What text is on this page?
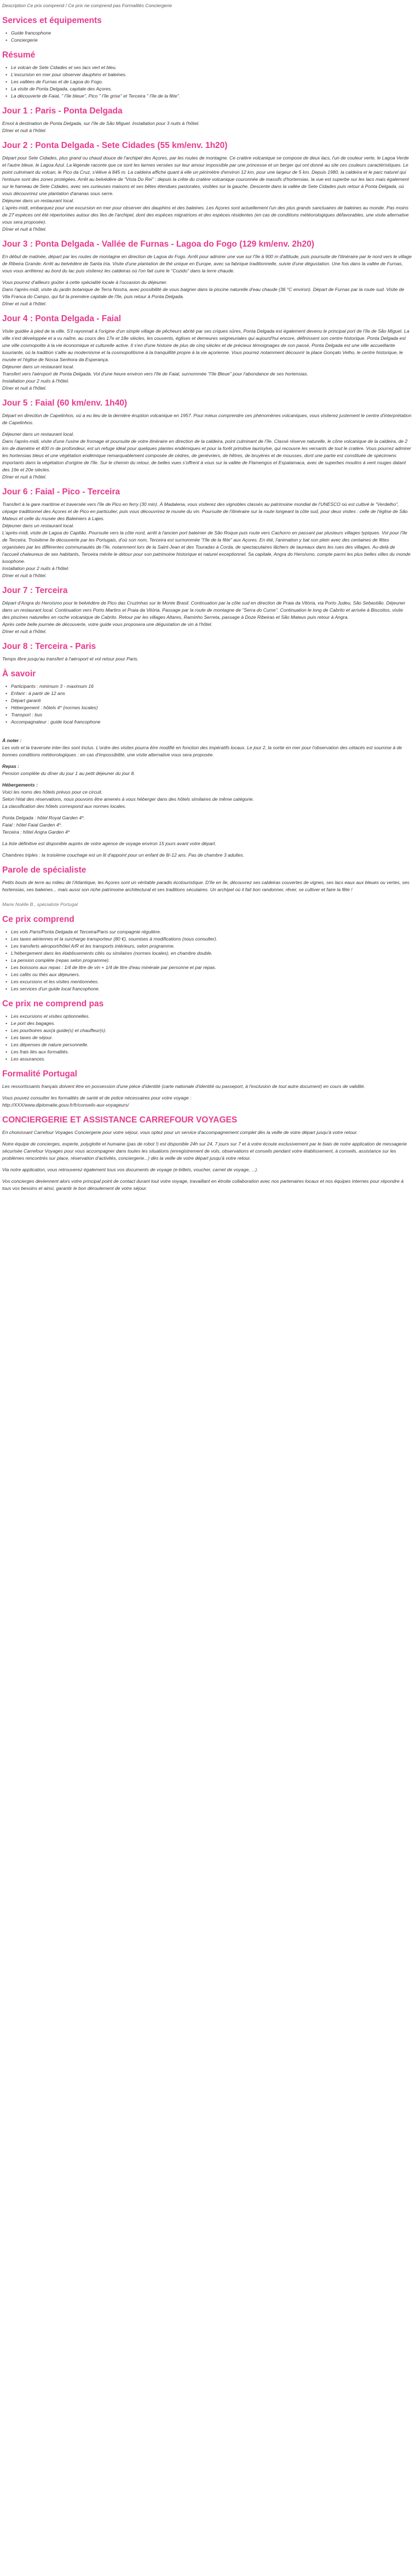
Description Ce prix comprend / Ce prix ne comprend pas Formalités Conciergerie
Services et équipements
• Guide francophone
• Conciergerie
Résumé
• Le volcan de Sete Cidades et ses lacs vert et bleu.
• L'excursion en mer pour observer dauphins et baleines.
• Les vallées de Furnas et de Lagoa do Fogo.
• La visite de Ponta Delgada, capitale des Açores.
• La découverte de Faial, " l'île bleue", Pico " l'île grise" et Terceira " l'île de la fête".
Jour 1 : Paris - Ponta Delgada

Envol à destination de Ponta Delgada, sur l'île de São Miguel. Installation pour 3 nuits à l'hôtel.
Dîner et nuit à l'hôtel.

Jour 2 : Ponta Delgada - Sete Cidades (55 km/env. 1h20)

Départ pour Sete Cidades, plus grand ou chaud douce de l'archipel des Açores, par les routes de montagne. Ce cratère volcanique se compose de deux lacs, l'un de couleur verte, le Lagoa Verde et l'autre bleue, le Lagoa Azul. La légende raconte que ce sont les larmes versées sur leur amour impossible par une princesse et un berger qui ont donné au site ces couleurs caractéristiques. Le point culminant du volcan, le Pico da Cruz, s'élève à 845 m. La caldeira affiche quant à elle un périmètre d'environ 12 km, pour une largeur de 5 km. Depuis 1980, la caldeira et le parc naturel qui l'entoure sont des zones protégées. Arrêt au belvédère de "Vista Do Rei" : depuis la crête du cratère volcanique couronnée de massifs d'hortensias, la vue est superbe sur les lacs mais également sur le hameau de Sete Cidades, avec ses curieuses maisons et ses bêtes étendues pastorales, visibles sur la gauche. Descente dans la vallée de Sete Cidades puis retour à Ponta Delgada, où vous découvrirez une plantation d'ananas sous serre.
Déjeuner dans un restaurant local.
L'après-midi, embarquez pour une excursion en mer pour observer des dauphins et des baleines. Les Açores sont actuellement l'un des plus grands sanctuaires de baleines au monde. Pas moins de 27 espèces ont été répertoriées autour des îles de l'archipel, dont des espèces migratrices et des espèces résidentes (en cas de conditions météorologiques défavorables, une visite alternative vous sera proposée).
Dîner et nuit à l'hôtel.

Jour 3 : Ponta Delgada - Vallée de Furnas - Lagoa do Fogo (129 km/env. 2h20)

En début de matinée, départ par les routes de montagne en direction de Lagoa do Fogo. Arrêt pour admirer une vue sur l'île à 900 m d'altitude, puis poursuite de l'itinéraire par le nord vers le village de Ribeira Grande. Arrêt au belvédère de Santa Iria. Visite d'une plantation de thé unique en Europe, avec sa fabrique traditionnelle, suivie d'une dégustation. Une fois dans la vallée de Furnas, vous vous arrêterez au bord du lac puis visiterez les caldeiras où l'on fait cuire le "Cozido" dans la terre chaude.

Vous pourrez d'ailleurs goûter à cette spécialité locale à l'occasion du déjeuner.
Dans l'après-midi, visite du jardin botanique de Terra Nostra, avec possibilité de vous baigner dans la piscine naturelle d'eau chaude (36 °C environ). Départ de Furnas par la route sud. Visite de Vila Franca do Campo, qui fut la première capitale de l'île, puis retour à Ponta Delgada.
Dîner et nuit à l'hôtel.

Jour 4 : Ponta Delgada - Faial

Visite guidée à pied de la ville. S'il rayonnait à l'origine d'un simple village de pêcheurs abrité par ses criques sûres, Ponta Delgada est également devenu le principal port de l'île de São Miguel. La ville s'est développée et a vu naître, au cours des 17e et 18e siècles, les couvents, églises et demeures seigneuriales qui aujourd'hui encore, définissent son centre historique. Ponta Delgada est une ville cosmopolite à la vie économique et culturelle active. Il s'en d'une histoire de plus de cinq siècles et de précieux témoignages de son passé, Ponta Delgada est une ville accueillante luxuriante, où la tradition s'allie au modernisme et la cosmopolitisme à la tranquillité propre à la vie açorienne. Vous pourrez notamment découvrir la place Gonçalo Velho, le centre historique, le musée et l'église de Nossa Senhora da Esperança.
Déjeuner dans un restaurant local.
Transfert vers l'aéroport de Ponta Delgada. Vol d'une heure environ vers l'île de Faial, surnommée "l'île Bleue" pour l'abondance de ses hortensias.
Installation pour 2 nuits à l'hôtel.
Dîner et nuit à l'hôtel.

Jour 5 : Faial (60 km/env. 1h40)

Départ en direction de Capelinhos, où a eu lieu de la dernière éruption volcanique en 1957. Pour mieux comprendre ces phénomènes volcaniques, vous visiterez justement le centre d'interprétation de Capelinhos.

Déjeuner dans un restaurant local.
Dans l'après-midi, visite d'une l'usine de fromage et poursuite de votre itinéraire en direction de la caldeira, point culminant de l'île. Classé réserve naturelle, le cône volcanique de la caldeira, de 2 km de diamètre et 400 m de profondeur, est un refuge idéal pour quelques plantes endémiques et pour la forêt primitive laurisylve, qui recouvre les versants de tout le cratère. Vous pourrez admirer les hortensias bleus et une végétation endémique remarquablement composée de cèdres, de genévriers, de hêtres, de bruyères et de mousses, dont une partie est constituée de spécimens importants dans la végétation d'origine de l'île. Sur le chemin du retour, de belles vues s'offrent à vous sur la vallée de Flamengos et Espalamaca, avec de superbes moulins à vent rouges datant des 19e et 20e siècles.
Dîner et nuit à l'hôtel.

Jour 6 : Faial - Pico - Terceira

Transfert à la gare maritime et traversée vers l'île de Pico en ferry (30 min). À Madalena, vous visiterez des vignobles classés au patrimoine mondial de l'UNESCO où est cultivé le "Verdelho", cépage traditionnel des Açores et de Pico en particulier, puis vous découvrirez le musée du vin. Poursuite de l'itinéraire sur la route longeant la côte sud, pour deux visites : celle de l'église de São Mateus et celle du musée des Baleiniers à Lajes.
Déjeuner dans un restaurant local.
L'après-midi, visite de Lagoa do Capitão. Poursuite vers la côte nord, arrêt à l'ancien port baleinier de São Roque puis route vers Cachorro en passant par plusieurs villages typiques. Vol pour l'île de Terceira. Troisième île découverte par les Portugais, d'où son nom, Terceira est surnommée "l'île de la fête" aux Açores. En été, l'animation y bat son plein avec des centaines de fêtes organisées par les différentes communautés de l'île, notamment lors de la Saint-Jean et des Touradas à Corda, de spectaculaires lâchers de taureaux dans les rues des villages. Au-delà de l'accueil chaleureux de ses habitants, Terceira mérite le détour pour son patrimoine historique et naturel exceptionnel. Sa capitale, Angra do Heroísmo, compte parmi les plus belles villes du monde lusophone.
Installation pour 2 nuits à l'hôtel.
Dîner et nuit à l'hôtel.

Jour 7 : Terceira

Départ d'Angra do Heroísmo pour le belvédère de Pico das Cruzinhas sur le Monte Brasil. Continuation par la côte sud en direction de Praia da Vitória, via Porto Judeu, São Sebastião. Déjeuner dans un restaurant local. Continuation vers Porto Martins et Praia da Vitória. Passage par la route de montagne de "Serra do Cume". Continuation le long de Cabrito et arrivée à Biscoitos, visite des piscines naturelles en roche volcanique de Cabrito. Retour par les villages Altares, Raminho Serreta, passage à Doze Ribeiras et São Mateus puis retour à Angra.
Après cette belle journée de découverte, votre guide vous proposera une dégustation de vin à l'hôtel.
Dîner et nuit à l'hôtel.

Jour 8 : Terceira - Paris

Temps libre jusqu'au transfert à l'aéroport et vol retour pour Paris.

À savoir
• Participants : minimum 3 - maximum 16
• Enfant : à partir de 12 ans
• Départ garanti
• Hébergement : hôtels 4* (normes locales)
• Transport : bus
• Accompagnateur : guide local francophone
À noter :

Les vols et la traversée inter-îles sont inclus. L'ordre des visites pourra être modifié en fonction des impératifs locaux. Le jour 2, la sortie en mer pour l'observation des cétacés est soumise à de bonnes conditions météorologiques : en cas d'impossibilité, une visite alternative vous sera proposée.

Repas :

Pension complète du dîner du jour 1 au petit déjeuner du jour 8.

Hébergements :

Voici les noms des hôtels prévus pour ce circuit.
Selon l'état des réservations, nous pouvons être amenés à vous héberger dans des hôtels similaires de même catégorie.
La classification des hôtels correspond aux normes locales.

Ponta Delgada : hôtel Royal Garden 4*.
Faial : hôtel Faial Garden 4*.
Terceira : hôtel Angra Garden 4*

La liste définitive est disponible auprès de votre agence de voyage environ 15 jours avant votre départ.

Chambres triples : la troisième couchage est un lit d'appoint pour un enfant de 8/-12 ans. Pas de chambre 3 adultes.

Parole de spécialiste

Petits bouts de terre au milieu de l'Atlantique, les Açores sont un véritable paradis écotouristique. D'île en île, découvrez ses caldeiras couvertes de vignes, ses lacs eaux aux bleues ou vertes, ses hortensias, ses baleines... mais aussi son riche patrimoine architectural et ses traditions séculaires. Un archipel où il fait bon randonner, rêver, se cultiver et faire la fête !

Marie Noëlle B., spécialiste Portugal
Ce prix comprend
• Les vols Paris/Ponta Delgada et Terceira/Paris sur compagnie régulière.
• Les taxes aériennes et la surcharge transporteur (80 €), soumises à modifications (nous consulter).
• Les transferts aéroport/hôtel A/R et les transports intérieurs, selon programme.
• L'hébergement dans les établissements cités ou similaires (normes locales), en chambre double.
• La pension complète (repas selon programme).
• Les boissons aux repas : 1/4 de litre de vin + 1/4 de litre d'eau minérale par personne et par repas.
• Les cafés ou thés aux déjeuners.
• Les excursions et les visites mentionnées.
• Les services d'un guide local francophone.
Ce prix ne comprend pas
• Les excursions et visites optionnelles.
• Le port des bagages.
• Les pourboires aux(à guide(s) et chauffeur(s).
• Les taxes de séjour.
• Les dépenses de nature personnelle.
• Les frais liés aux formalités.
• Les assurances.
Formalité Portugal

Les ressortissants français doivent être en possession d'une pièce d'identité (carte nationale d'identité ou passeport, à l'exclusion de tout autre document) en cours de validité.

Vous pouvez consulter les formalités de santé et de police nécessaires pour votre voyage :
http://XXX/www.diplomatie.gouv.fr/fr/conseils-aux-voyageurs/

CONCIERGERIE ET ASSISTANCE CARREFOUR VOYAGES

En choisissant Carrefour Voyages Conciergerie pour votre séjour, vous optez pour un service d'accompagnement complet dès la veille de votre départ jusqu'à votre retour.

Notre équipe de concierges, experte, polyglotte et humaine (pas de robot !) est disponible 24h sur 24, 7 jours sur 7 et à votre écoute exclusivement par le biais de notre application de messagerie sécurisée Carrefour Voyages pour vous accompagner dans toutes les situations (enregistrement de vols, observations et conseils pendant votre établissement, à conseils, assistance sur les problèmes rencontrés sur place, réservation d'activités, conciergerie...) dès la veille de votre départ jusqu'à votre retour.

Via notre application, vous retrouverez également tous vos documents de voyage (e-billets, voucher, carnet de voyage, ...).

Vos concierges deviennent alors votre principal point de contact durant tout votre voyage, travaillant en étroite collaboration avec nos partenaires locaux et nos équipes internes pour répondre à tous vos besoins et ainsi, garantir le bon déroulement de votre séjour.
